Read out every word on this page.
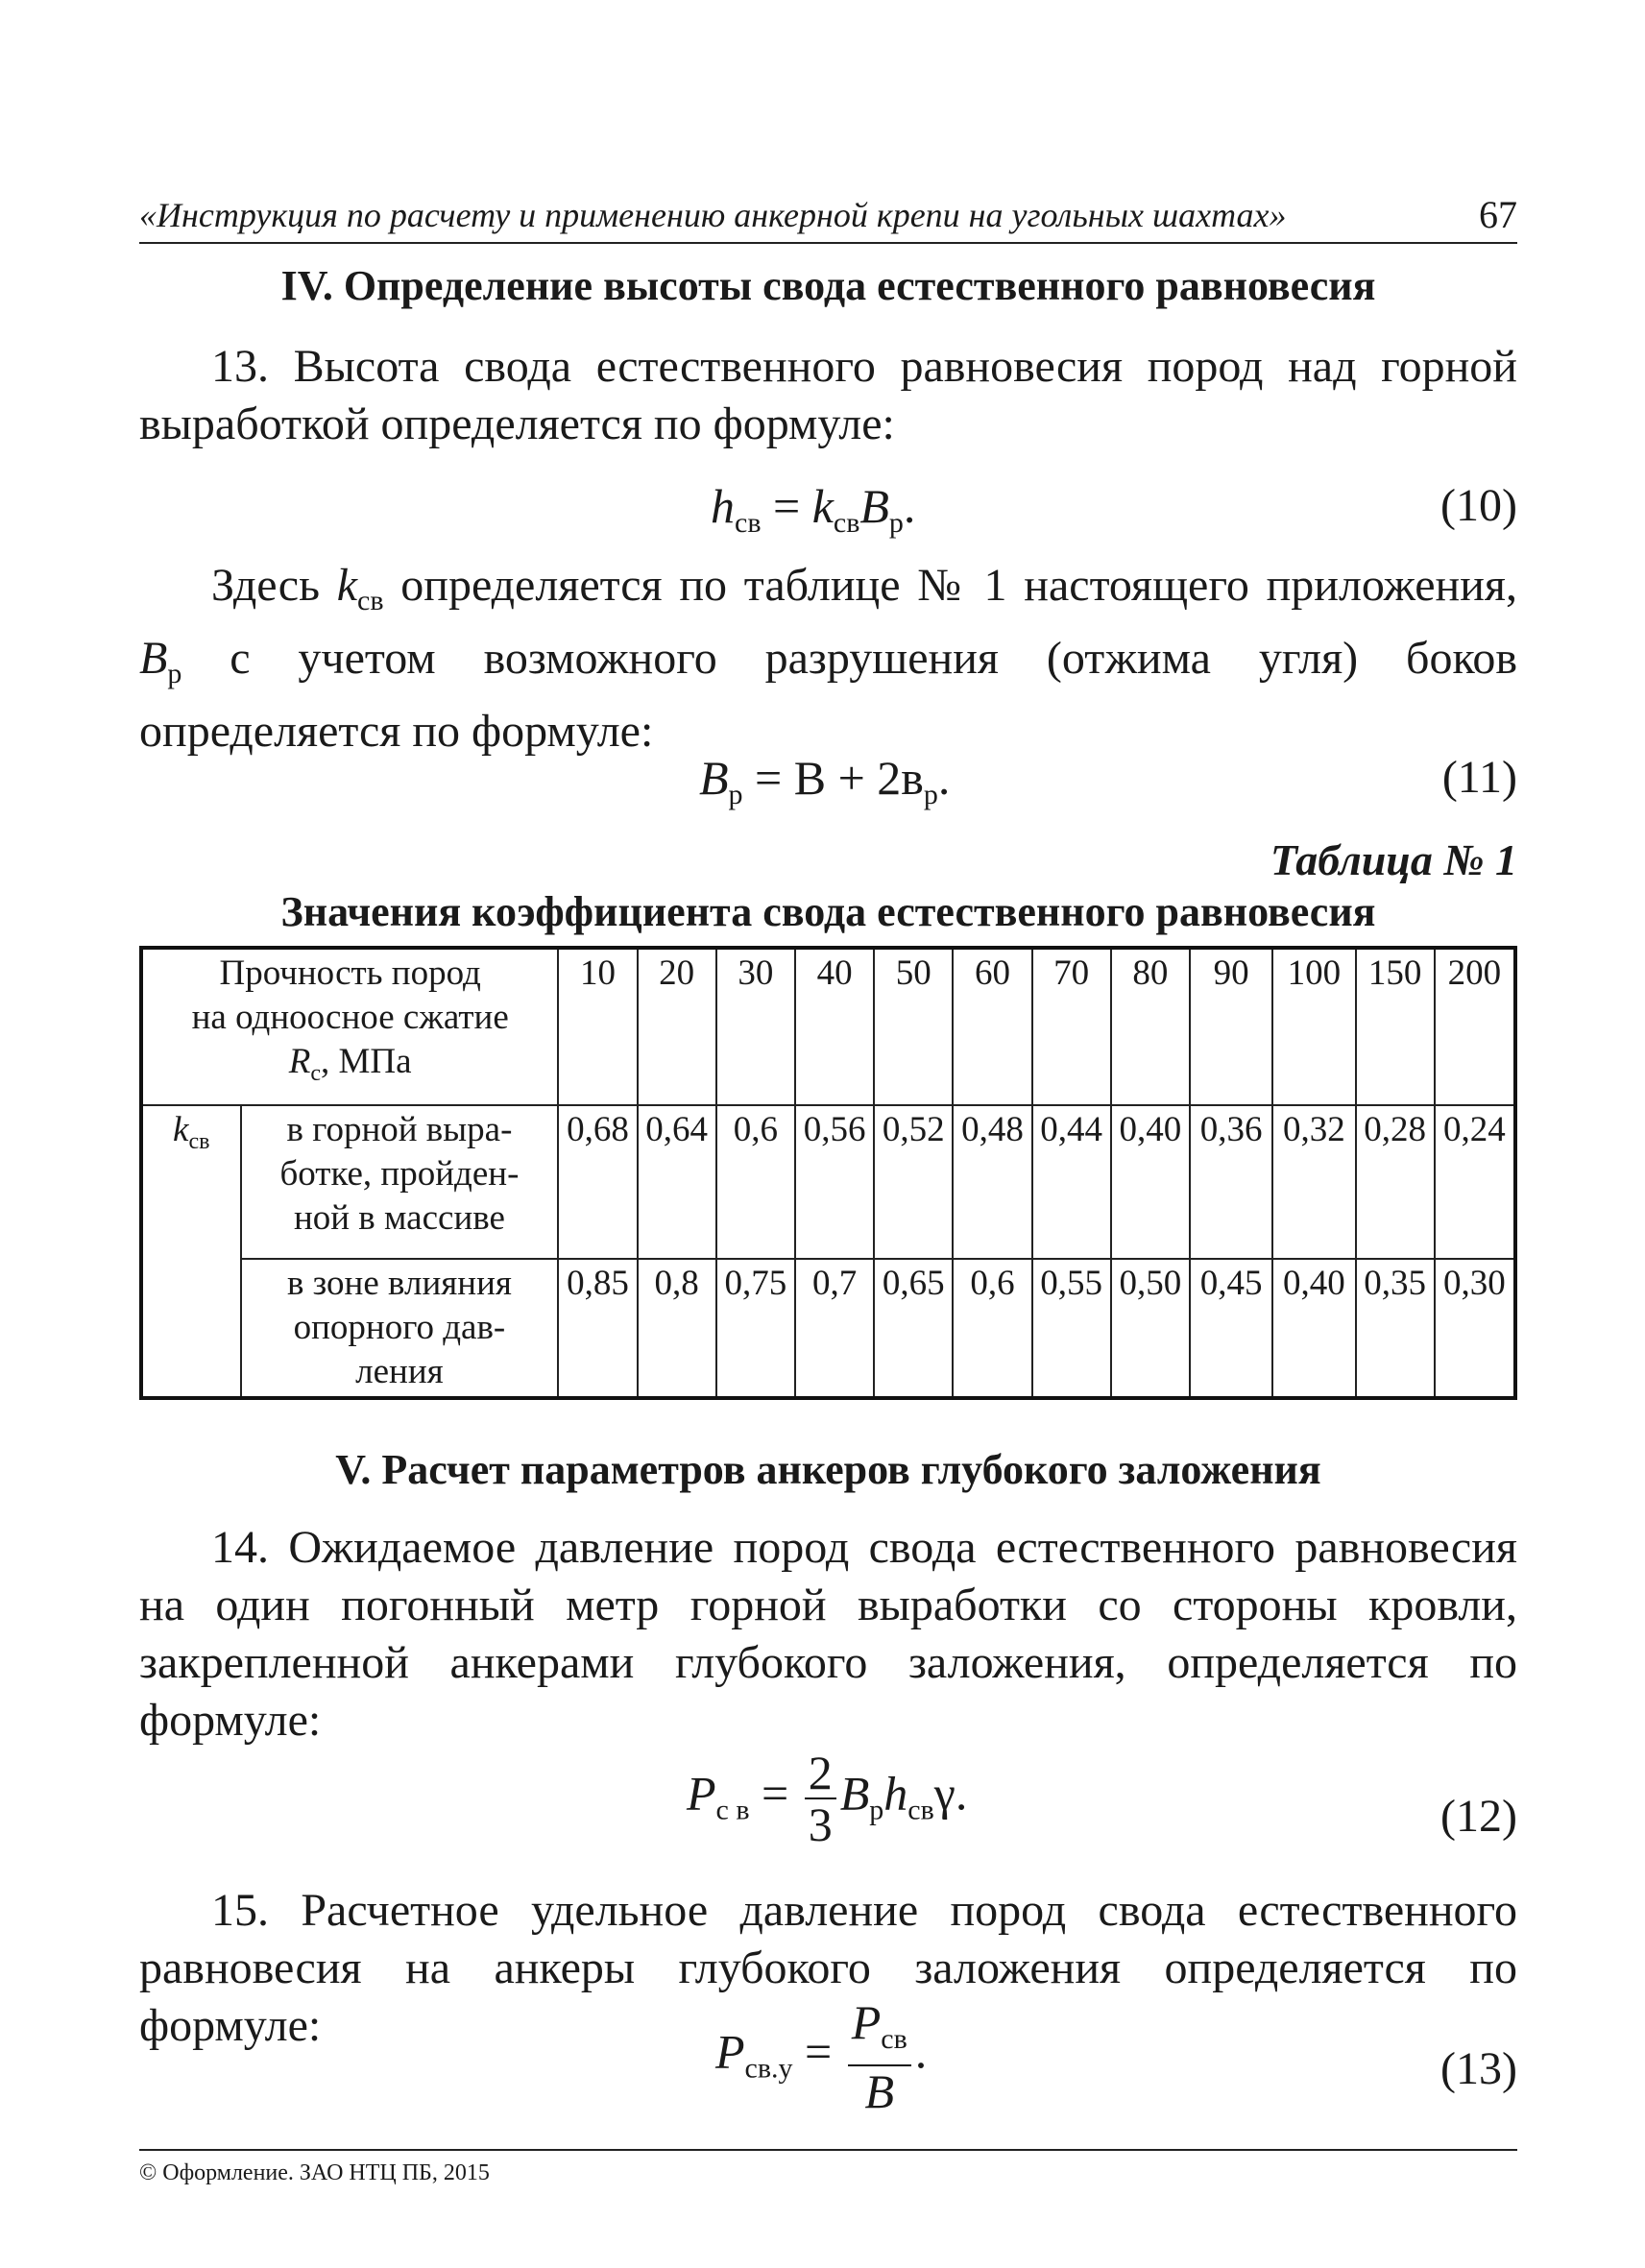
«Инструкция по расчету и применению анкерной крепи на угольных шахтах»	67
IV. Определение высоты свода естественного равновесия
13. Высота свода естественного равновесия пород над горной выработкой определяется по формуле:
$h_{св} = k_{св}B_р$.	(10)
Здесь $k_{св}$ определяется по таблице № 1 настоящего приложения, $B_р$ с учетом возможного разрушения (отжима угля) боков определяется по формуле:
$B_р = B + 2в_р$.	(11)
Таблица № 1
Значения коэффициента свода естественного равновесия
Прочность пород
на одноосное сжатие
$R_с$, МПа		10	20	30	40	50	60	70	80	90	100	150	200
$k_{св}$	в горной выра-
ботке, пройден-
ной в массиве	0,68	0,64	0,6	0,56	0,52	0,48	0,44	0,40	0,36	0,32	0,28	0,24

	в зоне влияния
опорного дав-
ления	0,85	0,8	0,75	0,7	0,65	0,6	0,55	0,50	0,45	0,40	0,35	0,30
V. Расчет параметров анкеров глубокого заложения
14. Ожидаемое давление пород свода естественного равновесия на один погонный метр горной выработки со стороны кровли, закрепленной анкерами глубокого заложения, определяется по формуле:
$P_{с в} = \frac{2}{3} B_рh_{св}\gamma$.	(12)
15. Расчетное удельное давление пород свода естественного равновесия на анкеры глубокого заложения определяется по формуле:	$P_{св.у} = \frac{P_{св}}{B}$ .	(13)
© Оформление. ЗАО НТЦ ПБ, 2015
